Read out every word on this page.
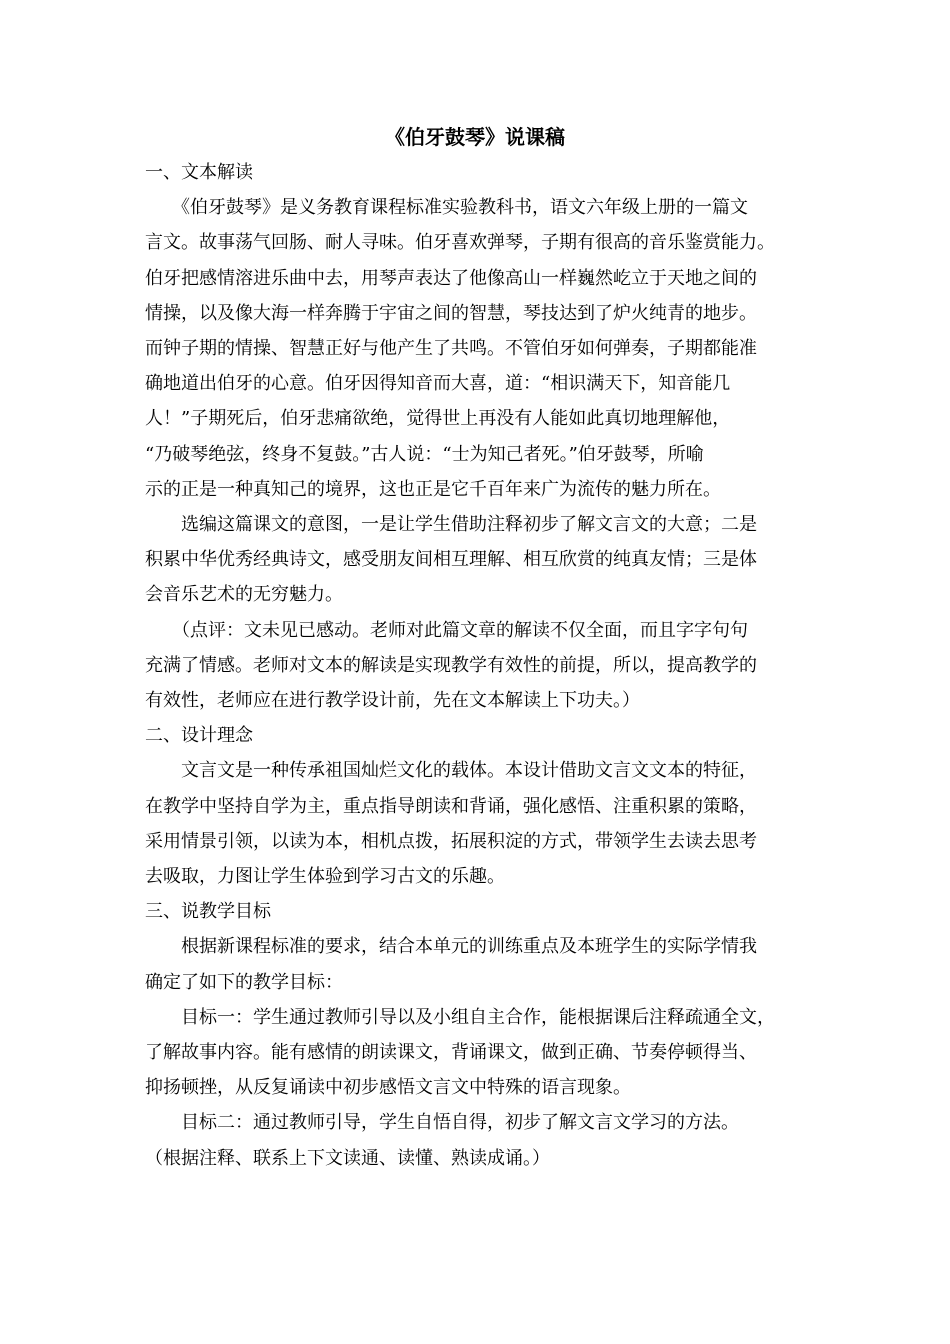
《伯牙鼓琴》说课稿
一、文本解读
　　《伯牙鼓琴》是义务教育课程标准实验教科书，语文六年级上册的一篇文
言文。故事荡气回肠、耐人寻味。伯牙喜欢弹琴，子期有很高的音乐鉴赏能力。
伯牙把感情溶进乐曲中去，用琴声表达了他像高山一样巍然屹立于天地之间的
情操，以及像大海一样奔腾于宇宙之间的智慧，琴技达到了炉火纯青的地步。
而钟子期的情操、智慧正好与他产生了共鸣。不管伯牙如何弹奏，子期都能准
确地道出伯牙的心意。伯牙因得知音而大喜，道：“相识满天下，知音能几
人！”子期死后，伯牙悲痛欲绝，觉得世上再没有人能如此真切地理解他，
“乃破琴绝弦，终身不复鼓。”古人说：“士为知己者死。”伯牙鼓琴，所喻
示的正是一种真知己的境界，这也正是它千百年来广为流传的魅力所在。
　　选编这篇课文的意图，一是让学生借助注释初步了解文言文的大意；二是
积累中华优秀经典诗文，感受朋友间相互理解、相互欣赏的纯真友情；三是体
会音乐艺术的无穷魅力。
　　（点评：文未见已感动。老师对此篇文章的解读不仅全面，而且字字句句
充满了情感。老师对文本的解读是实现教学有效性的前提，所以，提高教学的
有效性，老师应在进行教学设计前，先在文本解读上下功夫。）
二、设计理念
　　文言文是一种传承祖国灿烂文化的载体。本设计借助文言文文本的特征，
在教学中坚持自学为主，重点指导朗读和背诵，强化感悟、注重积累的策略，
采用情景引领，以读为本，相机点拨，拓展积淀的方式，带领学生去读去思考
去吸取，力图让学生体验到学习古文的乐趣。
三、说教学目标
　　根据新课程标准的要求，结合本单元的训练重点及本班学生的实际学情我
确定了如下的教学目标：
　　目标一：学生通过教师引导以及小组自主合作，能根据课后注释疏通全文，
了解故事内容。能有感情的朗读课文，背诵课文，做到正确、节奏停顿得当、
抑扬顿挫，从反复诵读中初步感悟文言文中特殊的语言现象。
　　目标二：通过教师引导，学生自悟自得，初步了解文言文学习的方法。
（根据注释、联系上下文读通、读懂、熟读成诵。）
